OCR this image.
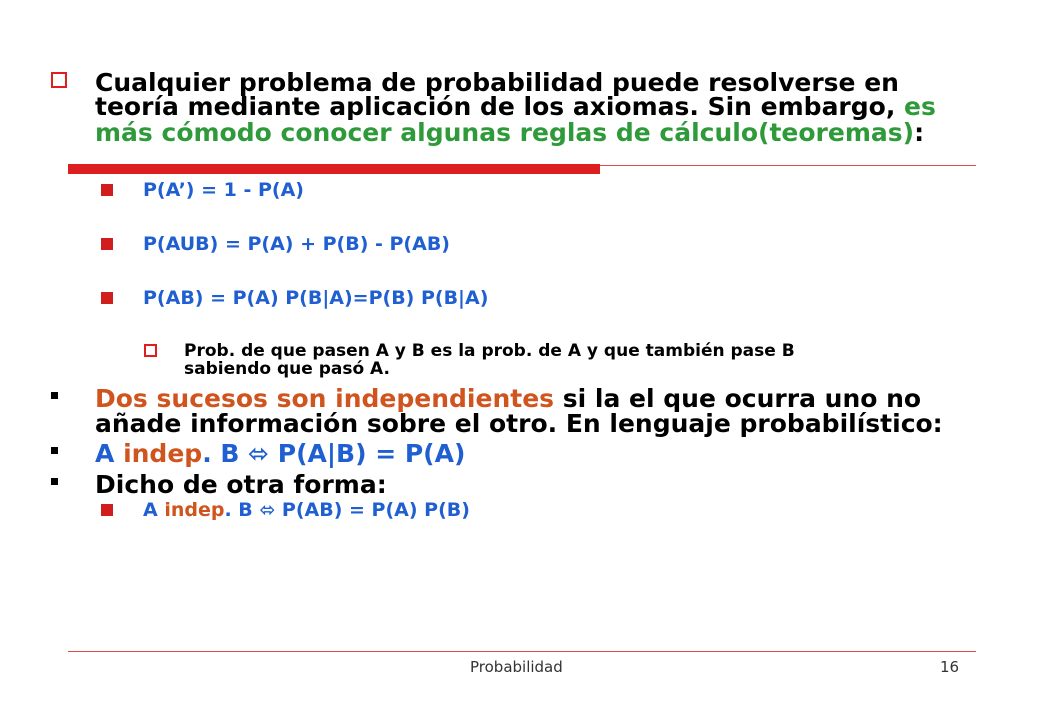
Cualquier problema de probabilidad puede resolverse en
teoría mediante aplicación de los axiomas. Sin embargo, es
más cómodo conocer algunas reglas de cálculo(teoremas):
P(A’) = 1 - P(A)
P(AUB) = P(A) + P(B) - P(AB)
P(AB) = P(A) P(B|A)=P(B) P(B|A)
Prob. de que pasen A y B es la prob. de A y que también pase B
sabiendo que pasó A.
Dos sucesos son independientes si la el que ocurra uno no
añade información sobre el otro. En lenguaje probabilístico:
A indep. B ⬄ P(A|B) = P(A)
Dicho de otra forma:
A indep. B ⬄ P(AB) = P(A) P(B)
Probabilidad	16
